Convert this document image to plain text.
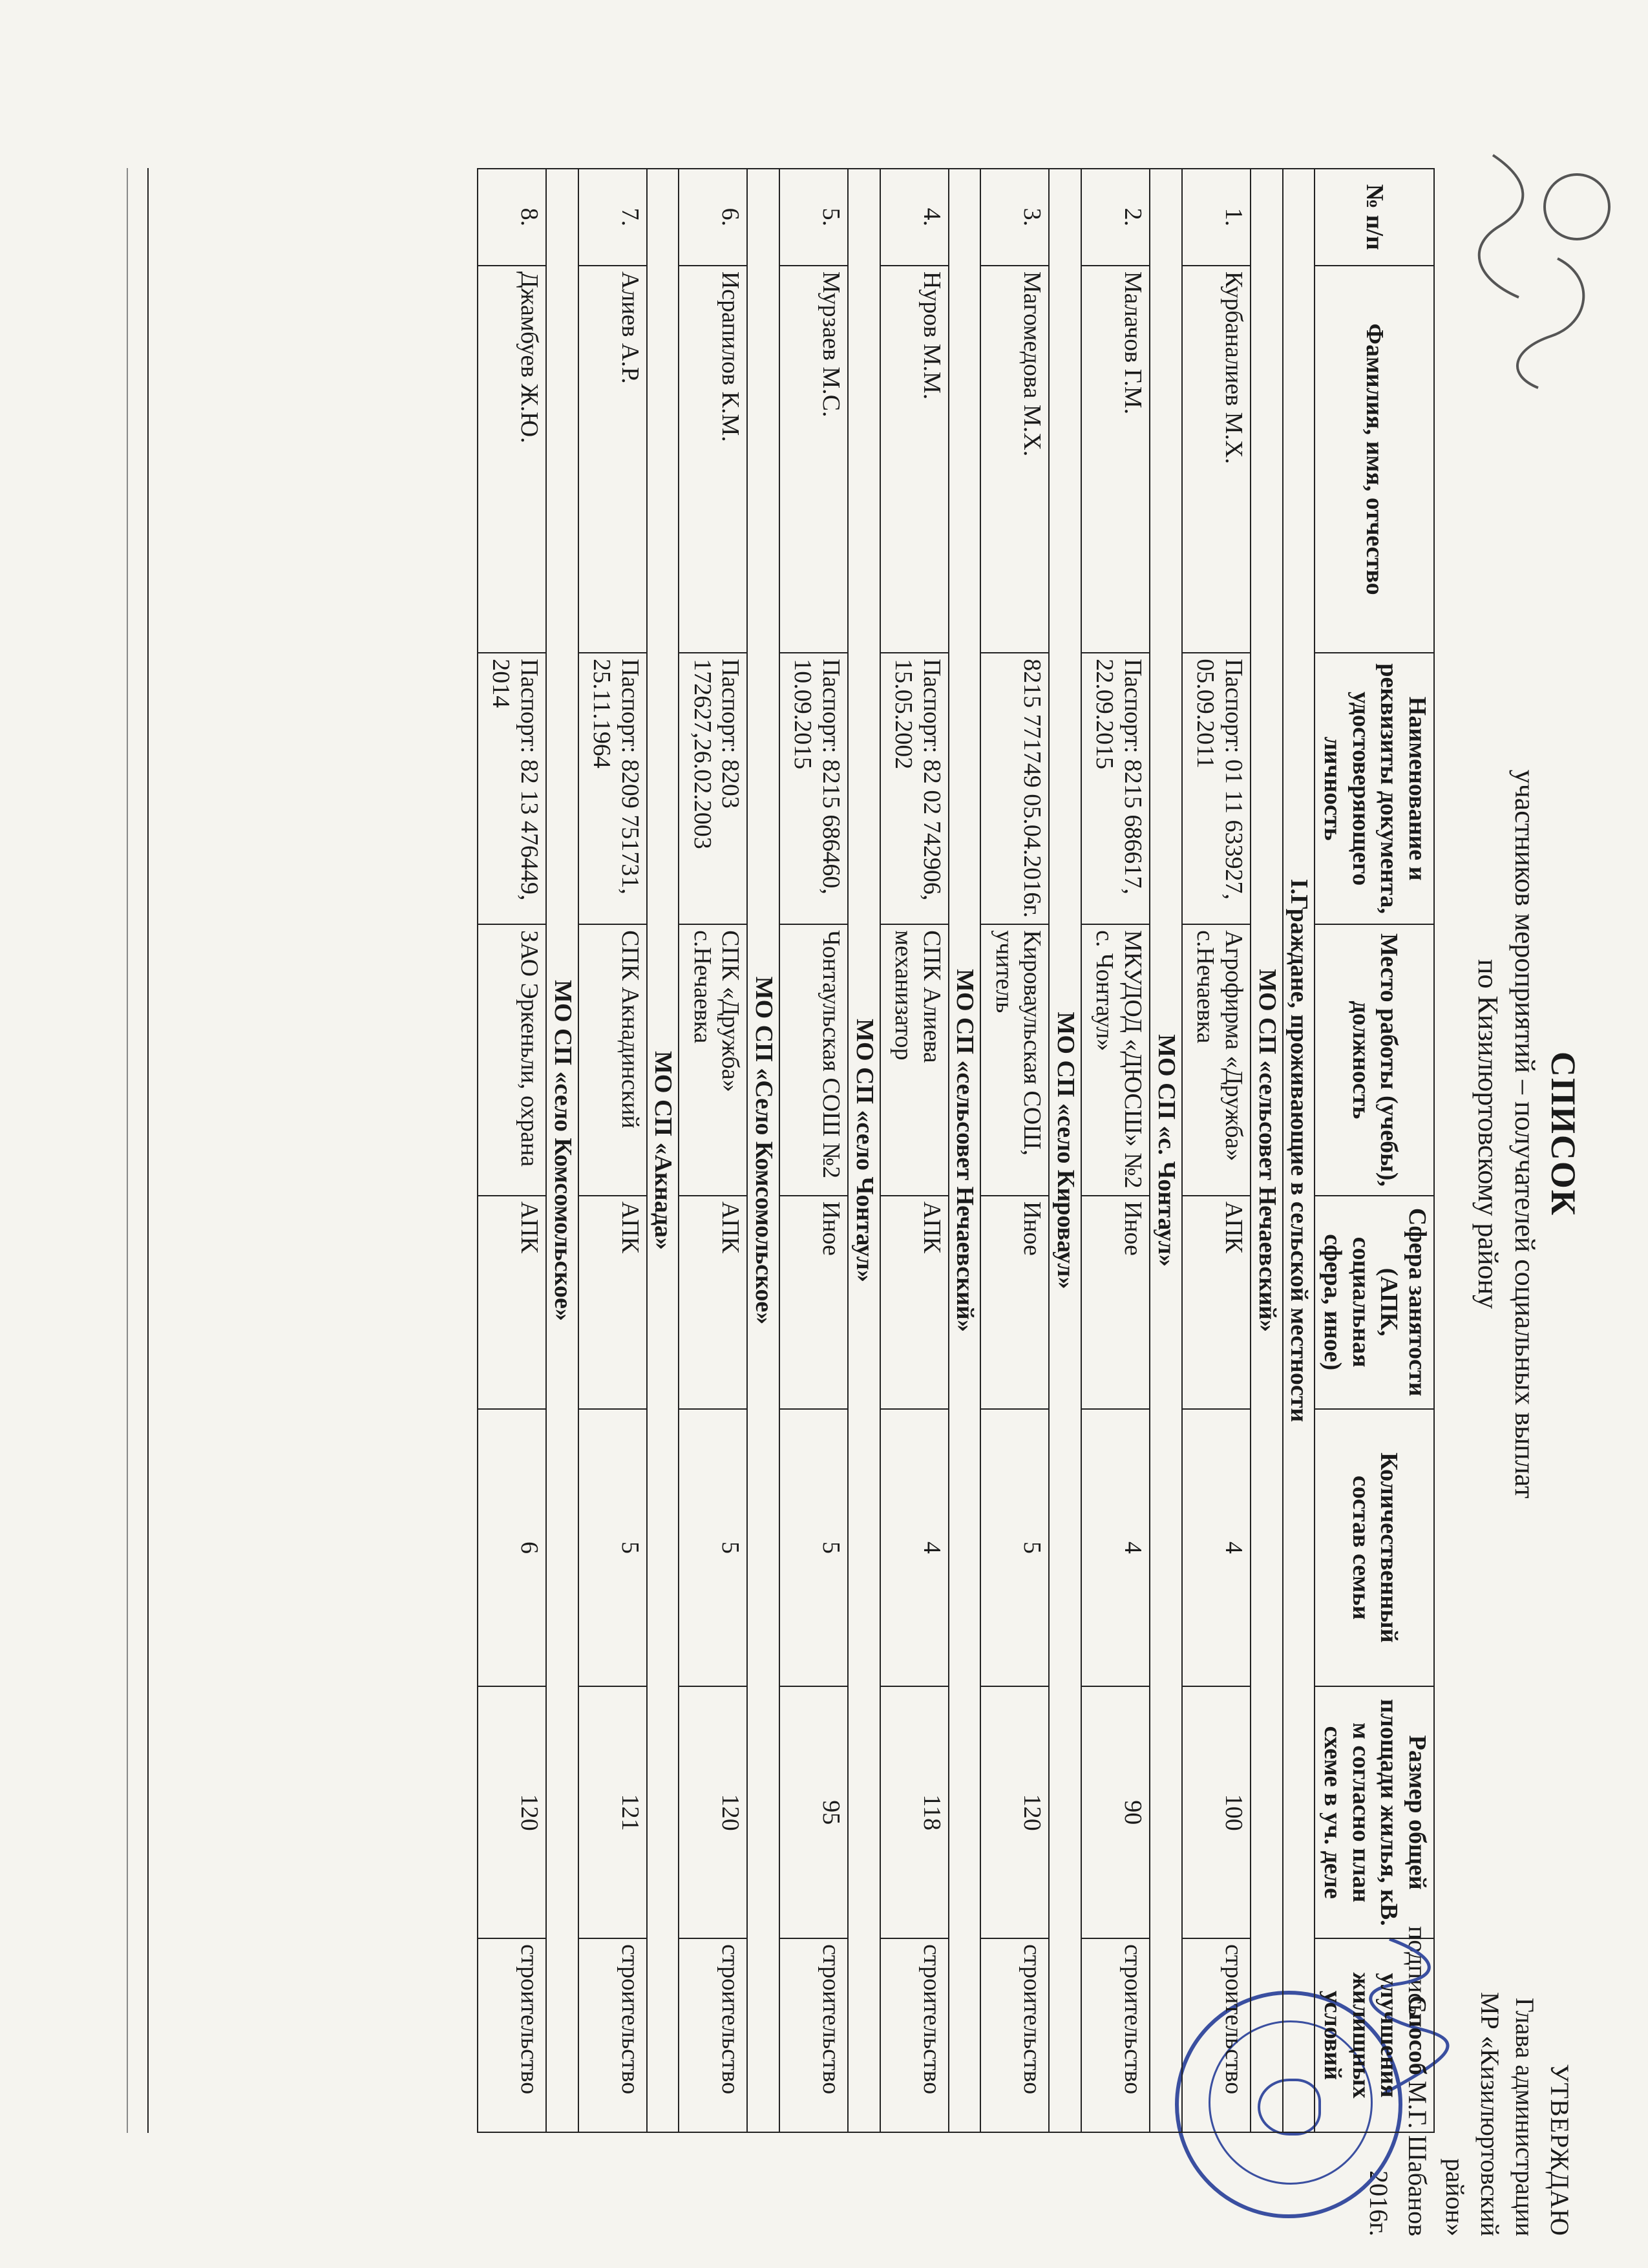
УТВЕРЖДАЮ
Глава администрации
МР «Кизилюртовский район»
подпись
М.Г. Шабанов
2016г.
СПИСОК
участников мероприятий – получателей социальных выплат
по Кизилюртовскому району
№ п/п	Фамилия, имя, отчество	Наименование и реквизиты документа, удостоверяющего личность	Место работы (учебы), должность	Сфера занятости (АПК, социальная сфера, иное)	Количественный состав семьи	Размер общей площади жилья, кВ. м согласно план схеме в уч. деле	Способ улучшения жилищных условий
I.Граждане, проживающие в сельской местности							
МО СП «сельсовет Нечаевский»							
1.	Курбаналиев М.Х.	Паспорт: 01 11 633927, 05.09.2011	Агрофирма «Дружба» с.Нечаевка	АПК	4	100	строительство
МО СП «с. Чонтаул»							
2.	Малачов Г.М.	Паспорт: 8215 686617, 22.09.2015	МКУДОД «ДЮСШ» №2 с. Чонтаул»	Иное	4	90	строительство
МО СП «село Кироваул»							
3.	Магомедова М.Х.	8215 771749 05.04.2016г.	Кироваульская СОШ, учитель	Иное	5	120	строительство
МО СП «сельсовет Нечаевский»							
4.	Нуров М.М.	Паспорт: 82 02 742906, 15.05.2002	СПК Алиева механизатор	АПК	4	118	строительство
МО СП «село Чонтаул»							
5.	Мурзаев М.С.	Паспорт: 8215 686460, 10.09.2015	Чонтаульская СОШ №2	Иное	5	95	строительство
МО СП «Село Комсомольское»							
6.	Исрапилов К.М.	Паспорт: 8203 172627,26.02.2003	СПК «Дружба» с.Нечаевка	АПК	5	120	строительство
МО СП «Акнада»							
7.	Алиев А.Р.	Паспорт: 8209 751731, 25.11.1964	СПК Акнадинский	АПК	5	121	строительство
МО СП «село Комсомольское»							
8.	Джамбуев Ж.Ю.	Паспорт: 82 13 476449, 2014	ЗАО Эркеньли, охрана	АПК	6	120	строительство
